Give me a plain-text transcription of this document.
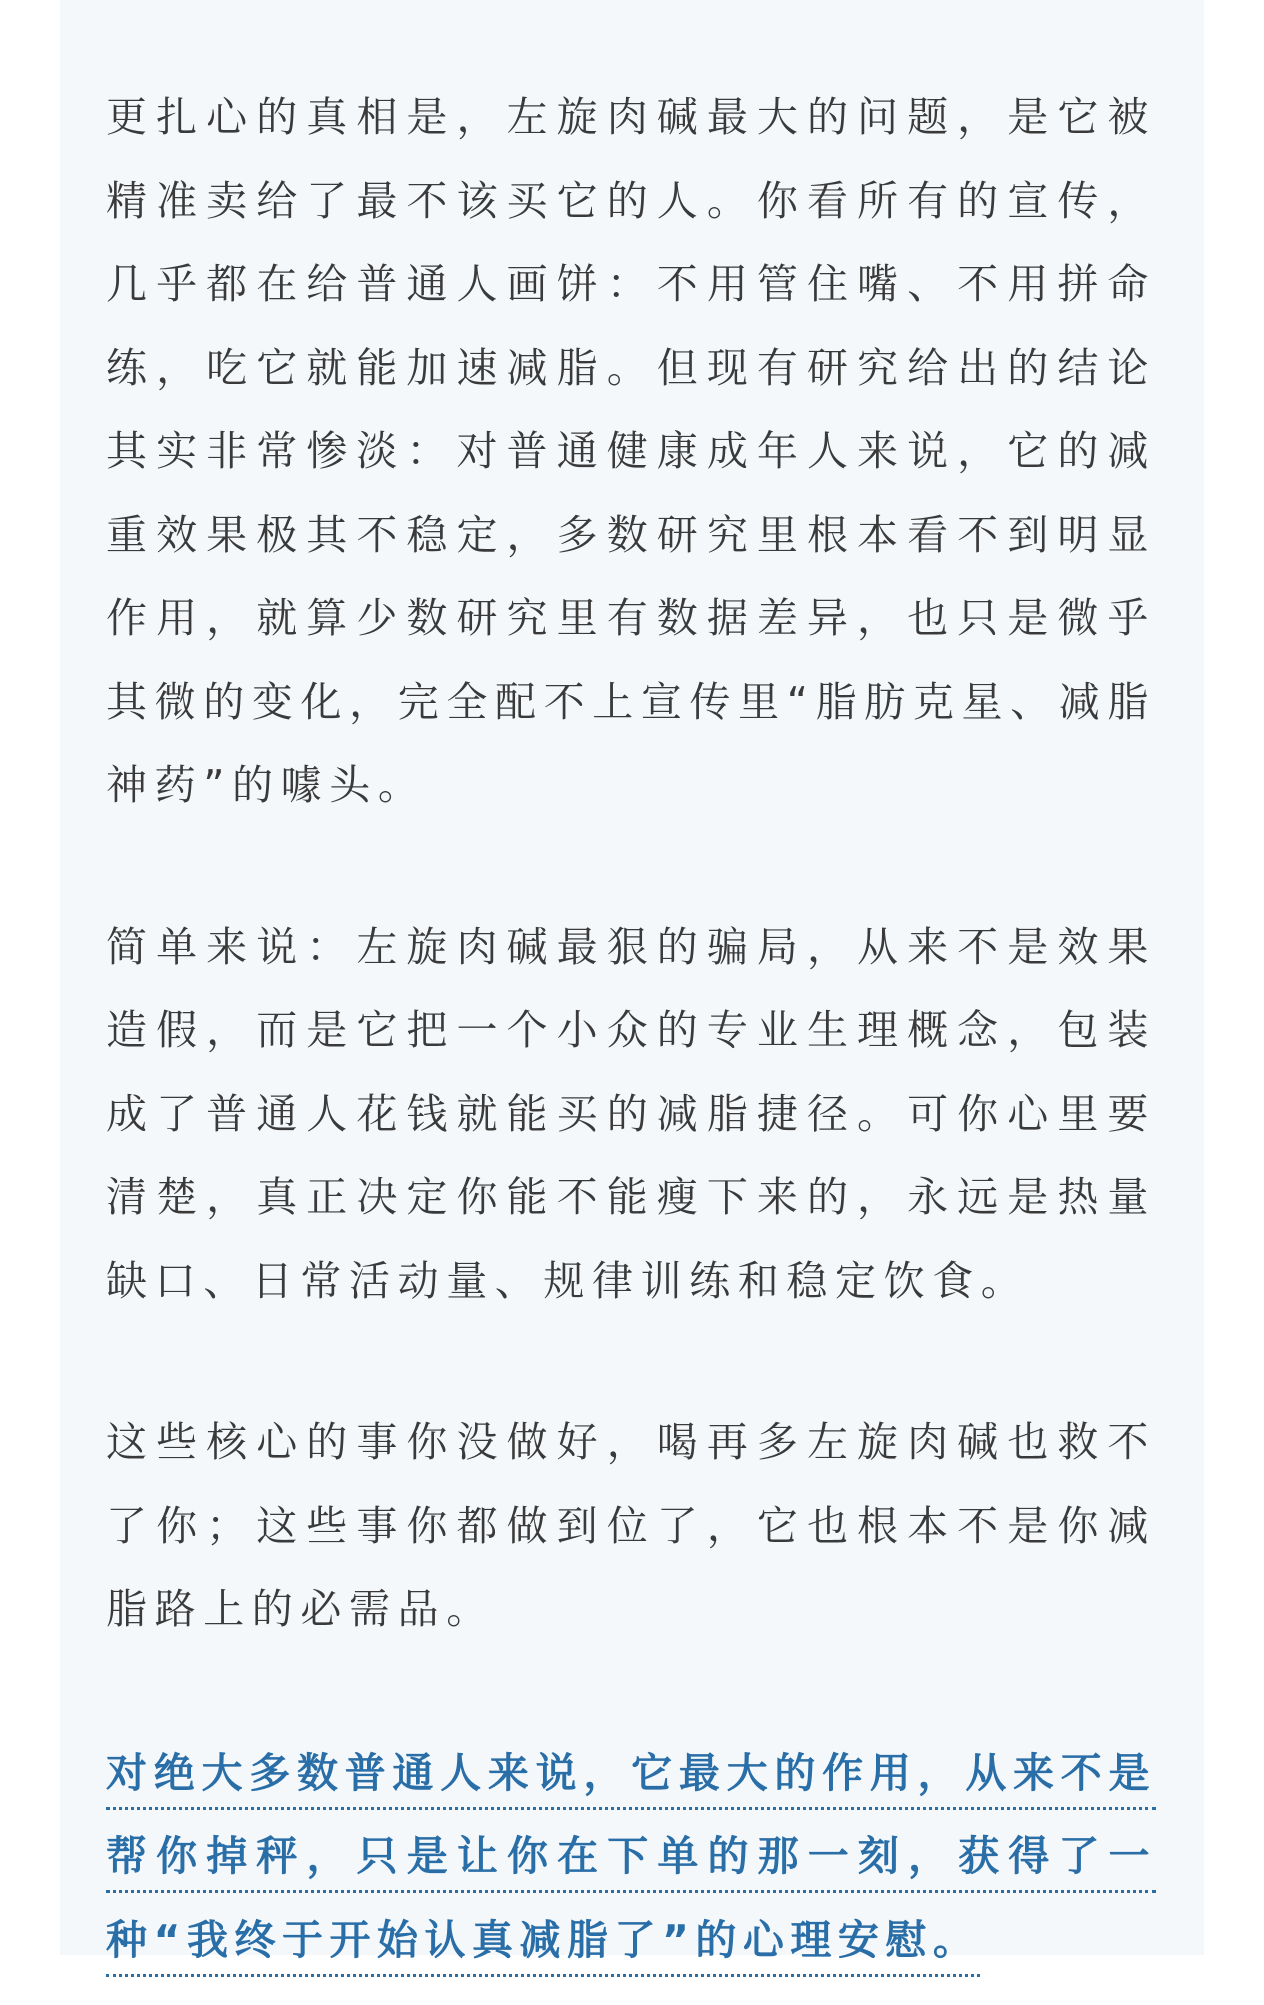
更扎心的真相是，左旋肉碱最大的问题，是它被精准卖给了最不该买它的人。你看所有的宣传，几乎都在给普通人画饼：不用管住嘴、不用拼命练，吃它就能加速减脂。但现有研究给出的结论其实非常惨淡：对普通健康成年人来说，它的减重效果极其不稳定，多数研究里根本看不到明显作用，就算少数研究里有数据差异，也只是微乎其微的变化，完全配不上宣传里“脂肪克星、减脂神药”的噱头。

简单来说：左旋肉碱最狠的骗局，从来不是效果造假，而是它把一个小众的专业生理概念，包装成了普通人花钱就能买的减脂捷径。可你心里要清楚，真正决定你能不能瘦下来的，永远是热量缺口、日常活动量、规律训练和稳定饮食。

这些核心的事你没做好，喝再多左旋肉碱也救不了你；这些事你都做到位了，它也根本不是你减脂路上的必需品。

对绝大多数普通人来说，它最大的作用，从来不是帮你掉秤，只是让你在下单的那一刻，获得了一种“我终于开始认真减脂了”的心理安慰。
